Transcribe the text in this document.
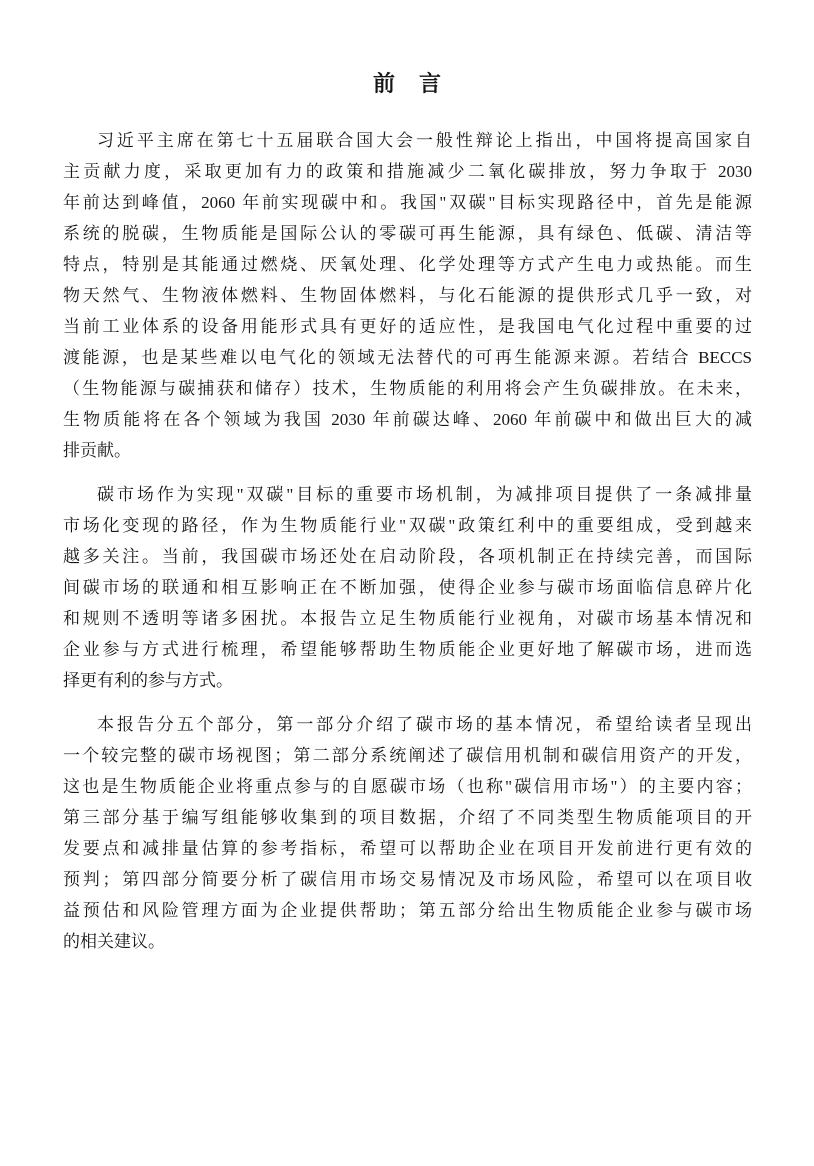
前　言
习近平主席在第七十五届联合国大会一般性辩论上指出，中国将提高国家自
主贡献力度，采取更加有力的政策和措施减少二氧化碳排放，努力争取于 2030
年前达到峰值，2060 年前实现碳中和。我国"双碳"目标实现路径中，首先是能源
系统的脱碳，生物质能是国际公认的零碳可再生能源，具有绿色、低碳、清洁等
特点，特别是其能通过燃烧、厌氧处理、化学处理等方式产生电力或热能。而生
物天然气、生物液体燃料、生物固体燃料，与化石能源的提供形式几乎一致，对
当前工业体系的设备用能形式具有更好的适应性，是我国电气化过程中重要的过
渡能源，也是某些难以电气化的领域无法替代的可再生能源来源。若结合 BECCS
（生物能源与碳捕获和储存）技术，生物质能的利用将会产生负碳排放。在未来，
生物质能将在各个领域为我国 2030 年前碳达峰、2060 年前碳中和做出巨大的减
排贡献。
碳市场作为实现"双碳"目标的重要市场机制，为减排项目提供了一条减排量
市场化变现的路径，作为生物质能行业"双碳"政策红利中的重要组成，受到越来
越多关注。当前，我国碳市场还处在启动阶段，各项机制正在持续完善，而国际
间碳市场的联通和相互影响正在不断加强，使得企业参与碳市场面临信息碎片化
和规则不透明等诸多困扰。本报告立足生物质能行业视角，对碳市场基本情况和
企业参与方式进行梳理，希望能够帮助生物质能企业更好地了解碳市场，进而选
择更有利的参与方式。
本报告分五个部分，第一部分介绍了碳市场的基本情况，希望给读者呈现出
一个较完整的碳市场视图；第二部分系统阐述了碳信用机制和碳信用资产的开发，
这也是生物质能企业将重点参与的自愿碳市场（也称"碳信用市场"）的主要内容；
第三部分基于编写组能够收集到的项目数据，介绍了不同类型生物质能项目的开
发要点和减排量估算的参考指标，希望可以帮助企业在项目开发前进行更有效的
预判；第四部分简要分析了碳信用市场交易情况及市场风险，希望可以在项目收
益预估和风险管理方面为企业提供帮助；第五部分给出生物质能企业参与碳市场
的相关建议。
